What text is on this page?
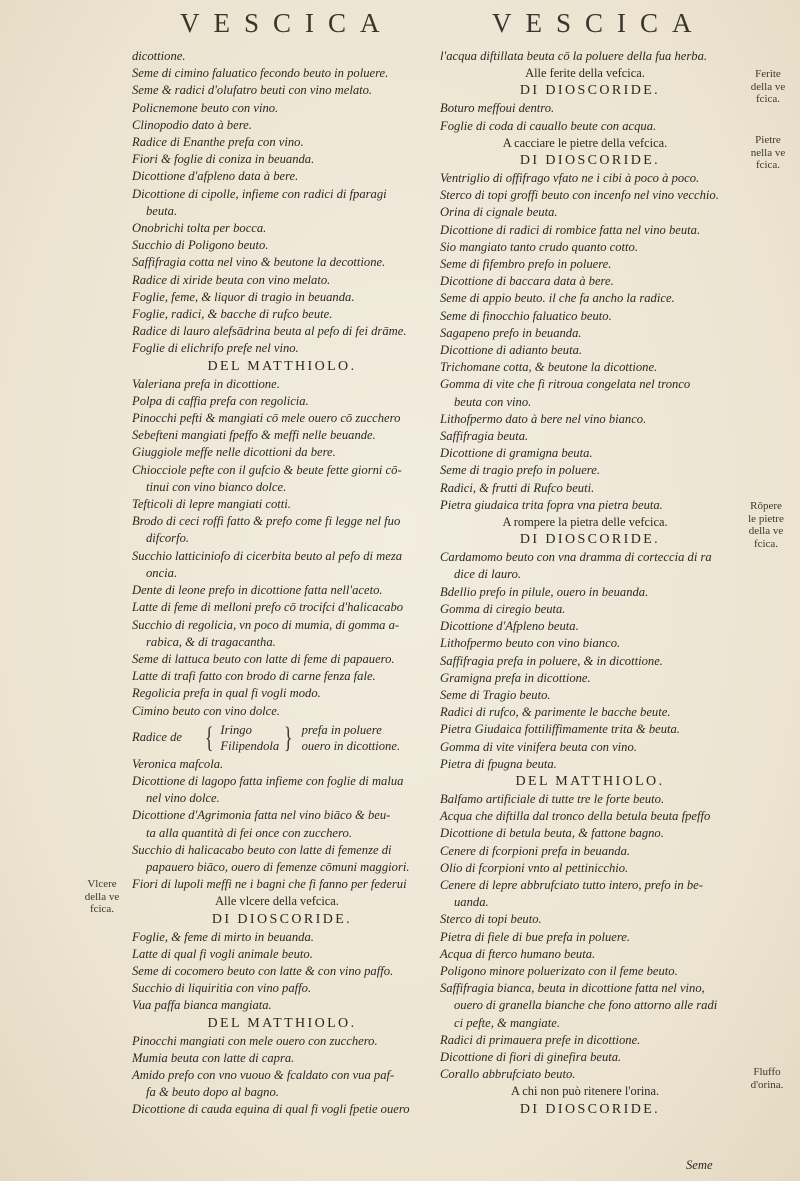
VESCICA	VESCICA
dicottione.
Seme di cimino faluatico fecondo beuto in poluere.
Seme & radici d'olufatro beuti con vino melato.
Policnemone beuto con vino.
Clinopodio dato à bere.
Radice di Enanthe prefa con vino.
Fiori & foglie di coniza in beuanda.
Dicottione d'afpleno data à bere.
Dicottione di cipolle, infieme con radici di fparagi
beuta.
Onobrichi tolta per bocca.
Succhio di Poligono beuto.
Saffifragia cotta nel vino & beutone la decottione.
Radice di xiride beuta con vino melato.
Foglie, feme, & liquor di tragio in beuanda.
Foglie, radici, & bacche di rufco beute.
Radice di lauro alefsādrina beuta al pefo di fei drāme.
Foglie di elichrifo prefe nel vino.
DEL MATTHIOLO.
Valeriana prefa in dicottione.
Polpa di caffia prefa con regolicia.
Pinocchi pefti & mangiati cō mele ouero cō zucchero
Sebefteni mangiati fpeffo & meffi nelle beuande.
Giuggiole meffe nelle dicottioni da bere.
Chiocciole pefte con il gufcio & beute fette giorni cō-
tinui con vino bianco dolce.
Tefticoli di lepre mangiati cotti.
Brodo di ceci roffi fatto & prefo come fi legge nel fuo
difcorfo.
Succhio latticiniofo di cicerbita beuto al pefo di meza
oncia.
Dente di leone prefo in dicottione fatta nell'aceto.
Latte di feme di melloni prefo cō trocifci d'halicacabo
Succhio di regolicia, vn poco di mumia, di gomma a-
rabica, & di tragacantha.
Seme di lattuca beuto con latte di feme di papauero.
Latte di trafi fatto con brodo di carne fenza fale.
Regolicia prefa in qual fi vogli modo.
Cimino beuto con vino dolce.
Radice de { Iringo
Filipendola } prefa in poluere
ouero in dicottione.
Veronica mafcola.
Dicottione di lagopo fatta infieme con foglie di malua
nel vino dolce.
Dicottione d'Agrimonia fatta nel vino biāco & beu-
ta alla quantità di fei once con zucchero.
Succhio di halicacabo beuto con latte di femenze di
papauero biāco, ouero di femenze cōmuni maggiori.
Fiori di lupoli meffi ne i bagni che fi fanno per federui
Alle vlcere della vefcica.
DI DIOSCORIDE.
Foglie, & feme di mirto in beuanda.
Latte di qual fi vogli animale beuto.
Seme di cocomero beuto con latte & con vino paffo.
Succhio di liquiritia con vino paffo.
Vua paffa bianca mangiata.
DEL MATTHIOLO.
Pinocchi mangiati con mele ouero con zucchero.
Mumia beuta con latte di capra.
Amido prefo con vno vuouo & fcaldato con vua paf-
fa & beuto dopo al bagno.
Dicottione di cauda equina di qual fi vogli fpetie ouero
l'acqua diftillata beuta cō la poluere della fua herba.
Alle ferite della vefcica.
DI DIOSCORIDE.
Boturo meffoui dentro.
Foglie di coda di cauallo beute con acqua.
A cacciare le pietre della vefcica.
DI DIOSCORIDE.
Ventriglio di offifrago vfato ne i cibi à poco à poco.
Sterco di topi groffi beuto con incenfo nel vino vecchio.
Orina di cignale beuta.
Dicottione di radici di rombice fatta nel vino beuta.
Sio mangiato tanto crudo quanto cotto.
Seme di fifembro prefo in poluere.
Dicottione di baccara data à bere.
Seme di appio beuto. il che fa ancho la radice.
Seme di finocchio faluatico beuto.
Sagapeno prefo in beuanda.
Dicottione di adianto beuta.
Trichomane cotta, & beutone la dicottione.
Gomma di vite che fi ritroua congelata nel tronco
beuta con vino.
Lithofpermo dato à bere nel vino bianco.
Saffifragia beuta.
Dicottione di gramigna beuta.
Seme di tragio prefo in poluere.
Radici, & frutti di Rufco beuti.
Pietra giudaica trita fopra vna pietra beuta.
A rompere la pietra delle vefcica.
DI DIOSCORIDE.
Cardamomo beuto con vna dramma di corteccia di ra
dice di lauro.
Bdellio prefo in pilule, ouero in beuanda.
Gomma di ciregio beuta.
Dicottione d'Afpleno beuta.
Lithofpermo beuto con vino bianco.
Saffifragia prefa in poluere, & in dicottione.
Gramigna prefa in dicottione.
Seme di Tragio beuto.
Radici di rufco, & parimente le bacche beute.
Pietra Giudaica fottiliffimamente trita & beuta.
Gomma di vite vinifera beuta con vino.
Pietra di fpugna beuta.
DEL MATTHIOLO.
Balfamo artificiale di tutte tre le forte beuto.
Acqua che diftilla dal tronco della betula beuta fpeffo
Dicottione di betula beuta, & fattone bagno.
Cenere di fcorpioni prefa in beuanda.
Olio di fcorpioni vnto al pettinicchio.
Cenere di lepre abbrufciato tutto intero, prefo in be-
uanda.
Sterco di topi beuto.
Pietra di fiele di bue prefa in poluere.
Acqua di fterco humano beuta.
Poligono minore poluerizato con il feme beuto.
Saffifragia bianca, beuta in dicottione fatta nel vino,
ouero di granella bianche che fono attorno alle radi
ci pefte, & mangiate.
Radici di primauera prefe in dicottione.
Dicottione di fiori di ginefira beuta.
Corallo abbrufciato beuto.
A chi non può ritenere l'orina.
DI DIOSCORIDE.
Ferite
della ve
fcica.
Pietre
nella ve
fcica.
Rōpere
le pietre
della ve
fcica.
Vlcere
della ve
fcica.
Fluffo
d'orina.
Seme
